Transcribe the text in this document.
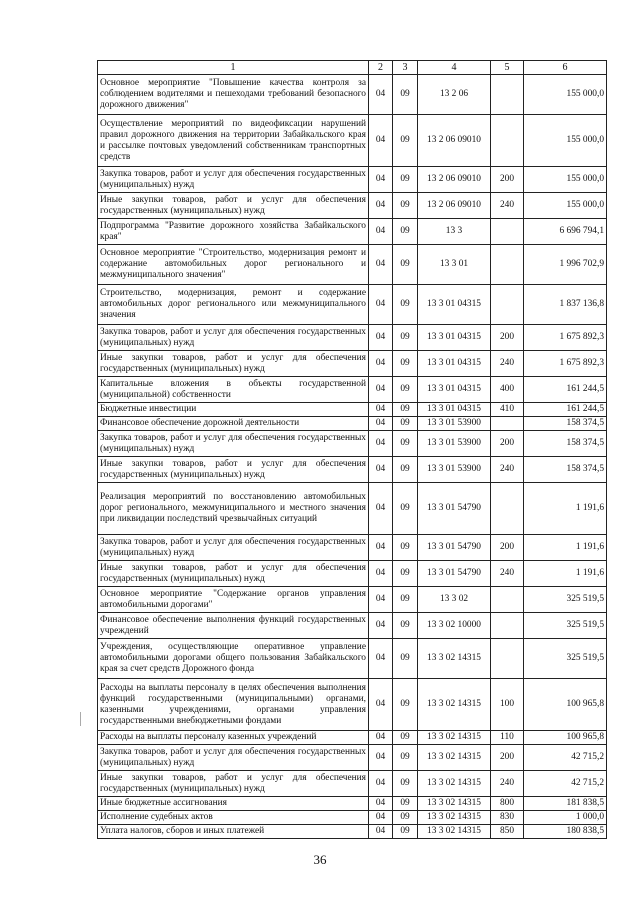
1	2	3	4	5	6
Основное мероприятие "Повышение качества контроля за соблюдением водителями и пешеходами требований безопасного дорожного движения"	04	09	13 2 06		155 000,0
Осуществление мероприятий по видеофиксации нарушений правил дорожного движения на территории Забайкальского края и рассылке почтовых уведомлений собственникам транспортных средств	04	09	13 2 06 09010		155 000,0
Закупка товаров, работ и услуг для обеспечения государственных (муниципальных) нужд	04	09	13 2 06 09010	200	155 000,0
Иные закупки товаров, работ и услуг для обеспечения государственных (муниципальных) нужд	04	09	13 2 06 09010	240	155 000,0
Подпрограмма "Развитие дорожного хозяйства Забайкальского края"	04	09	13 3		6 696 794,1
Основное мероприятие "Строительство, модернизация ремонт и содержание автомобильных дорог регионального и межмуниципального значения"	04	09	13 3 01		1 996 702,9
Строительство, модернизация, ремонт и содержание автомобильных дорог регионального или межмуниципального значения	04	09	13 3 01 04315		1 837 136,8
Закупка товаров, работ и услуг для обеспечения государственных (муниципальных) нужд	04	09	13 3 01 04315	200	1 675 892,3
Иные закупки товаров, работ и услуг для обеспечения государственных (муниципальных) нужд	04	09	13 3 01 04315	240	1 675 892,3
Капитальные вложения в объекты государственной (муниципальной) собственности	04	09	13 3 01 04315	400	161 244,5
Бюджетные инвестиции	04	09	13 3 01 04315	410	161 244,5
Финансовое обеспечение дорожной деятельности	04	09	13 3 01 53900		158 374,5
Закупка товаров, работ и услуг для обеспечения государственных (муниципальных) нужд	04	09	13 3 01 53900	200	158 374,5
Иные закупки товаров, работ и услуг для обеспечения государственных (муниципальных) нужд	04	09	13 3 01 53900	240	158 374,5
Реализация мероприятий по восстановлению автомобильных дорог регионального, межмуниципального и местного значения при ликвидации последствий чрезвычайных ситуаций	04	09	13 3 01 54790		1 191,6
Закупка товаров, работ и услуг для обеспечения государственных (муниципальных) нужд	04	09	13 3 01 54790	200	1 191,6
Иные закупки товаров, работ и услуг для обеспечения государственных (муниципальных) нужд	04	09	13 3 01 54790	240	1 191,6
Основное мероприятие "Содержание органов управления автомобильными дорогами"	04	09	13 3 02		325 519,5
Финансовое обеспечение выполнения функций государственных учреждений	04	09	13 3 02 10000		325 519,5
Учреждения, осуществляющие оперативное управление автомобильными дорогами общего пользования Забайкальского края за счет средств Дорожного фонда	04	09	13 3 02 14315		325 519,5
Расходы на выплаты персоналу в целях обеспечения выполнения функций государственными (муниципальными) органами, казенными учреждениями, органами управления государственными внебюджетными фондами	04	09	13 3 02 14315	100	100 965,8
Расходы на выплаты персоналу казенных учреждений	04	09	13 3 02 14315	110	100 965,8
Закупка товаров, работ и услуг для обеспечения государственных (муниципальных) нужд	04	09	13 3 02 14315	200	42 715,2
Иные закупки товаров, работ и услуг для обеспечения государственных (муниципальных) нужд	04	09	13 3 02 14315	240	42 715,2
Иные бюджетные ассигнования	04	09	13 3 02 14315	800	181 838,5
Исполнение судебных актов	04	09	13 3 02 14315	830	1 000,0
Уплата налогов, сборов и иных платежей	04	09	13 3 02 14315	850	180 838,5
36
